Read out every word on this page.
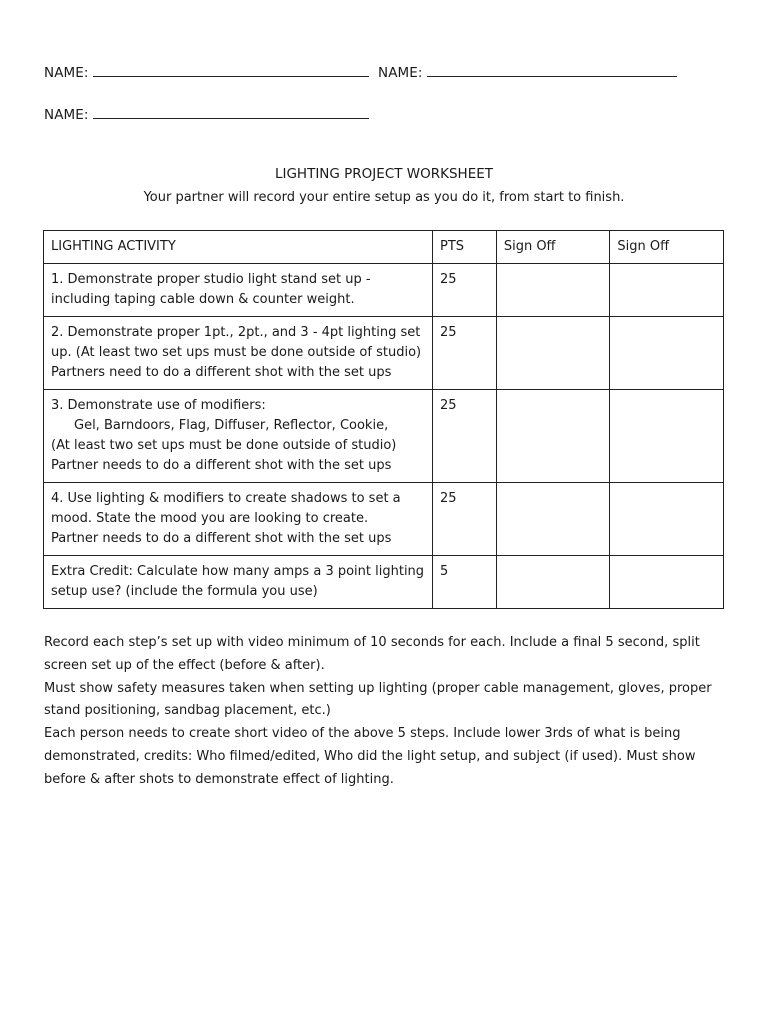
NAME:	NAME:
NAME:
LIGHTING PROJECT WORKSHEET
Your partner will record your entire setup as you do it, from start to finish.
LIGHTING ACTIVITY	PTS	Sign Off	Sign Off

1. Demonstrate proper studio light stand set up -
including taping cable down & counter weight.	25		

2. Demonstrate proper 1pt., 2pt., and 3 - 4pt lighting set
up. (At least two set ups must be done outside of studio)
Partners need to do a different shot with the set ups	25		

3. Demonstrate use of modifiers:
Gel, Barndoors, Flag, Diffuser, Reflector, Cookie,
(At least two set ups must be done outside of studio)
Partner needs to do a different shot with the set ups	25		

4. Use lighting & modifiers to create shadows to set a
mood. State the mood you are looking to create.
Partner needs to do a different shot with the set ups	25		

Extra Credit: Calculate how many amps a 3 point lighting
setup use? (include the formula you use)	5		

Record each step’s set up with video minimum of 10 seconds for each. Include a final 5 second, split

screen set up of the effect (before & after).

Must show safety measures taken when setting up lighting (proper cable management, gloves, proper

stand positioning, sandbag placement, etc.)

Each person needs to create short video of the above 5 steps. Include lower 3rds of what is being

demonstrated, credits: Who filmed/edited, Who did the light setup, and subject (if used). Must show

before & after shots to demonstrate effect of lighting.
